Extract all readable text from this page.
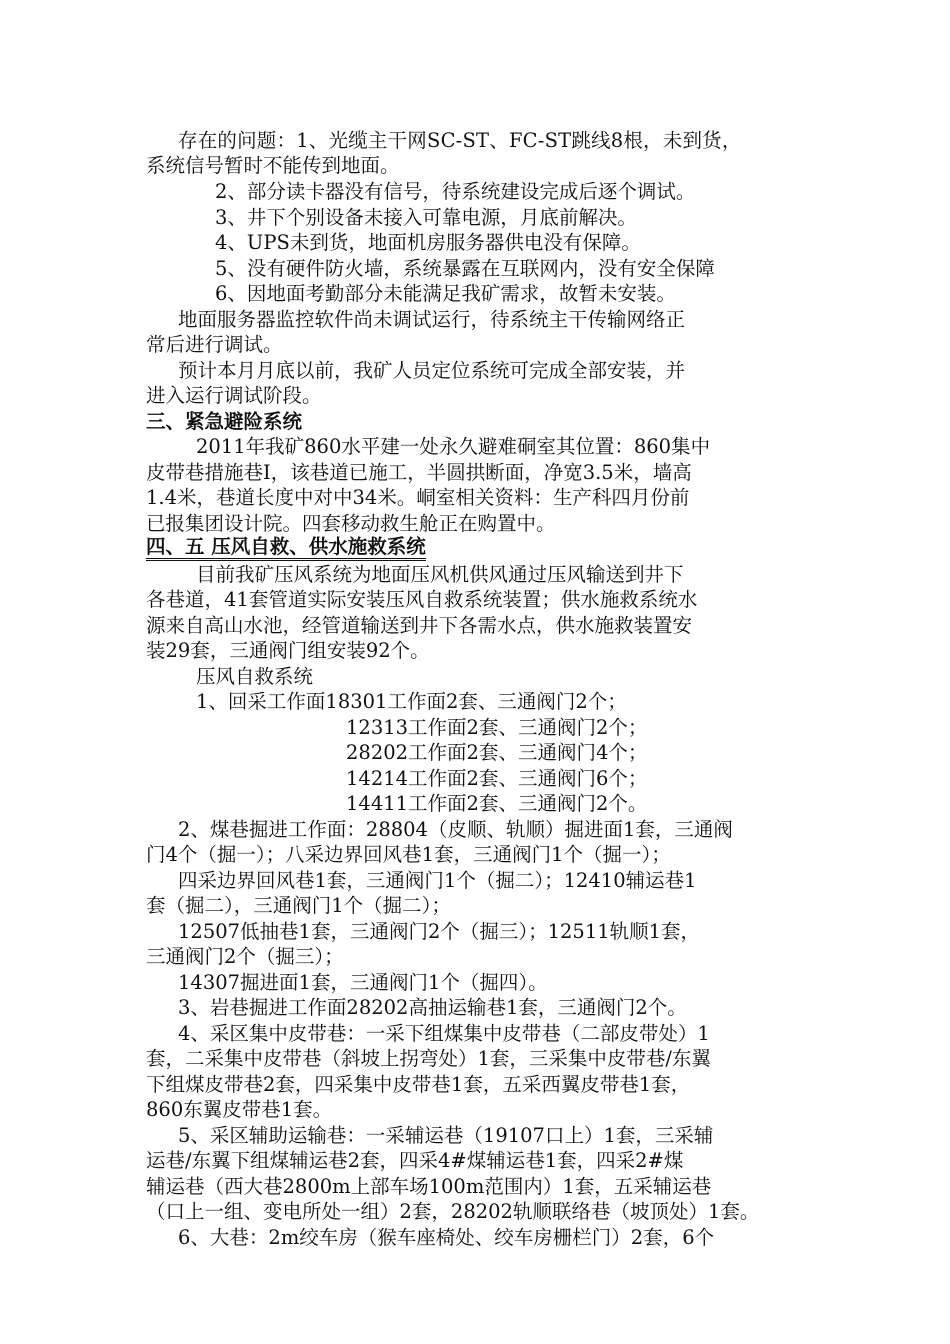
存在的问题：1、光缆主干网SC-ST、FC-ST跳线8根，未到货，
系统信号暂时不能传到地面。
2、部分读卡器没有信号，待系统建设完成后逐个调试。
3、井下个别设备未接入可靠电源，月底前解决。
4、UPS未到货，地面机房服务器供电没有保障。
5、没有硬件防火墙，系统暴露在互联网内，没有安全保障
6、因地面考勤部分未能满足我矿需求，故暂未安装。
地面服务器监控软件尚未调试运行，待系统主干传输网络正
常后进行调试。
预计本月月底以前，我矿人员定位系统可完成全部安装，并
进入运行调试阶段。
三、紧急避险系统
2011年我矿860水平建一处永久避难硐室其位置：860集中
皮带巷措施巷Ⅰ，该巷道已施工，半圆拱断面，净宽3.5米，墙高
1.4米，巷道长度中对中34米。峒室相关资料：生产科四月份前
已报集团设计院。四套移动救生舱正在购置中。
四、五 压风自救、供水施救系统
目前我矿压风系统为地面压风机供风通过压风输送到井下
各巷道，41套管道实际安装压风自救系统装置；供水施救系统水
源来自高山水池，经管道输送到井下各需水点，供水施救装置安
装29套，三通阀门组安装92个。
压风自救系统
1、回采工作面18301工作面2套、三通阀门2个；
12313工作面2套、三通阀门2个；
28202工作面2套、三通阀门4个；
14214工作面2套、三通阀门6个；
14411工作面2套、三通阀门2个。
2、煤巷掘进工作面：28804（皮顺、轨顺）掘进面1套，三通阀
门4个（掘一）；八采边界回风巷1套，三通阀门1个（掘一）；
四采边界回风巷1套，三通阀门1个（掘二）；12410辅运巷1
套（掘二），三通阀门1个（掘二）；
12507低抽巷1套，三通阀门2个（掘三）；12511轨顺1套，
三通阀门2个（掘三）；
14307掘进面1套，三通阀门1个（掘四）。
3、岩巷掘进工作面28202高抽运输巷1套，三通阀门2个。
4、采区集中皮带巷：一采下组煤集中皮带巷（二部皮带处）1
套，二采集中皮带巷（斜坡上拐弯处）1套，三采集中皮带巷/东翼
下组煤皮带巷2套，四采集中皮带巷1套，五采西翼皮带巷1套，
860东翼皮带巷1套。
5、采区辅助运输巷：一采辅运巷（19107口上）1套，三采辅
运巷/东翼下组煤辅运巷2套，四采4#煤辅运巷1套，四采2#煤
辅运巷（西大巷2800m上部车场100m范围内）1套，五采辅运巷
（口上一组、变电所处一组）2套，28202轨顺联络巷（坡顶处）1套。
6、大巷：2m绞车房（猴车座椅处、绞车房栅栏门）2套，6个
